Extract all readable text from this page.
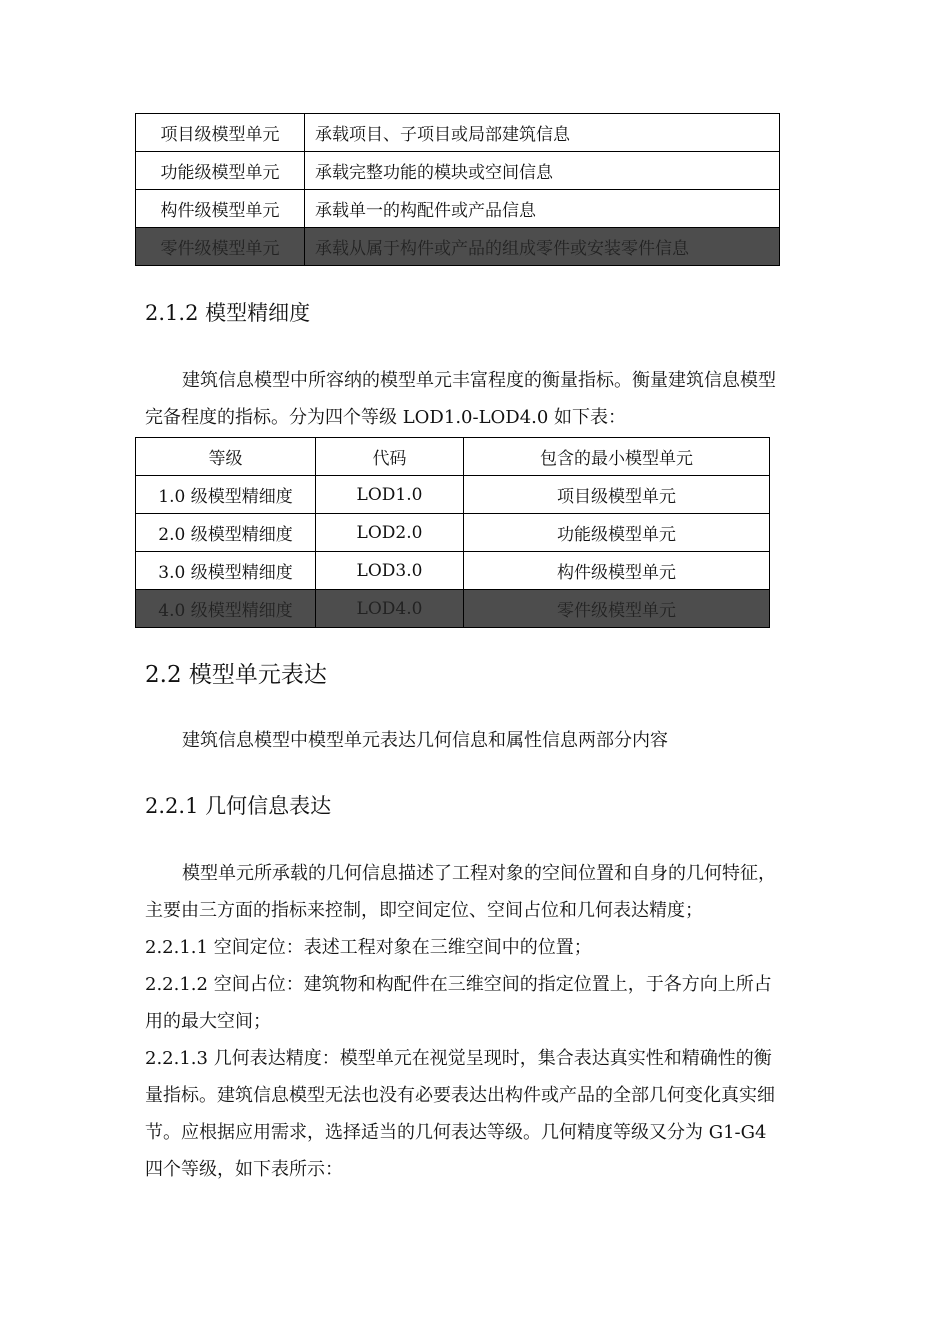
项目级模型单元	承载项目、子项目或局部建筑信息
功能级模型单元	承载完整功能的模块或空间信息
构件级模型单元	承载单一的构配件或产品信息
零件级模型单元	承载从属于构件或产品的组成零件或安装零件信息
2.1.2 模型精细度
建筑信息模型中所容纳的模型单元丰富程度的衡量指标。衡量建筑信息模型
完备程度的指标。分为四个等级 LOD1.0-LOD4.0 如下表：
等级	代码	包含的最小模型单元
1.0 级模型精细度	LOD1.0	项目级模型单元
2.0 级模型精细度	LOD2.0	功能级模型单元
3.0 级模型精细度	LOD3.0	构件级模型单元
4.0 级模型精细度	LOD4.0	零件级模型单元
2.2 模型单元表达
建筑信息模型中模型单元表达几何信息和属性信息两部分内容
2.2.1 几何信息表达
模型单元所承载的几何信息描述了工程对象的空间位置和自身的几何特征，
主要由三方面的指标来控制，即空间定位、空间占位和几何表达精度；
2.2.1.1 空间定位：表述工程对象在三维空间中的位置；
2.2.1.2 空间占位：建筑物和构配件在三维空间的指定位置上，于各方向上所占
用的最大空间；
2.2.1.3 几何表达精度：模型单元在视觉呈现时，集合表达真实性和精确性的衡
量指标。建筑信息模型无法也没有必要表达出构件或产品的全部几何变化真实细
节。应根据应用需求，选择适当的几何表达等级。几何精度等级又分为 G1-G4
四个等级，如下表所示：
